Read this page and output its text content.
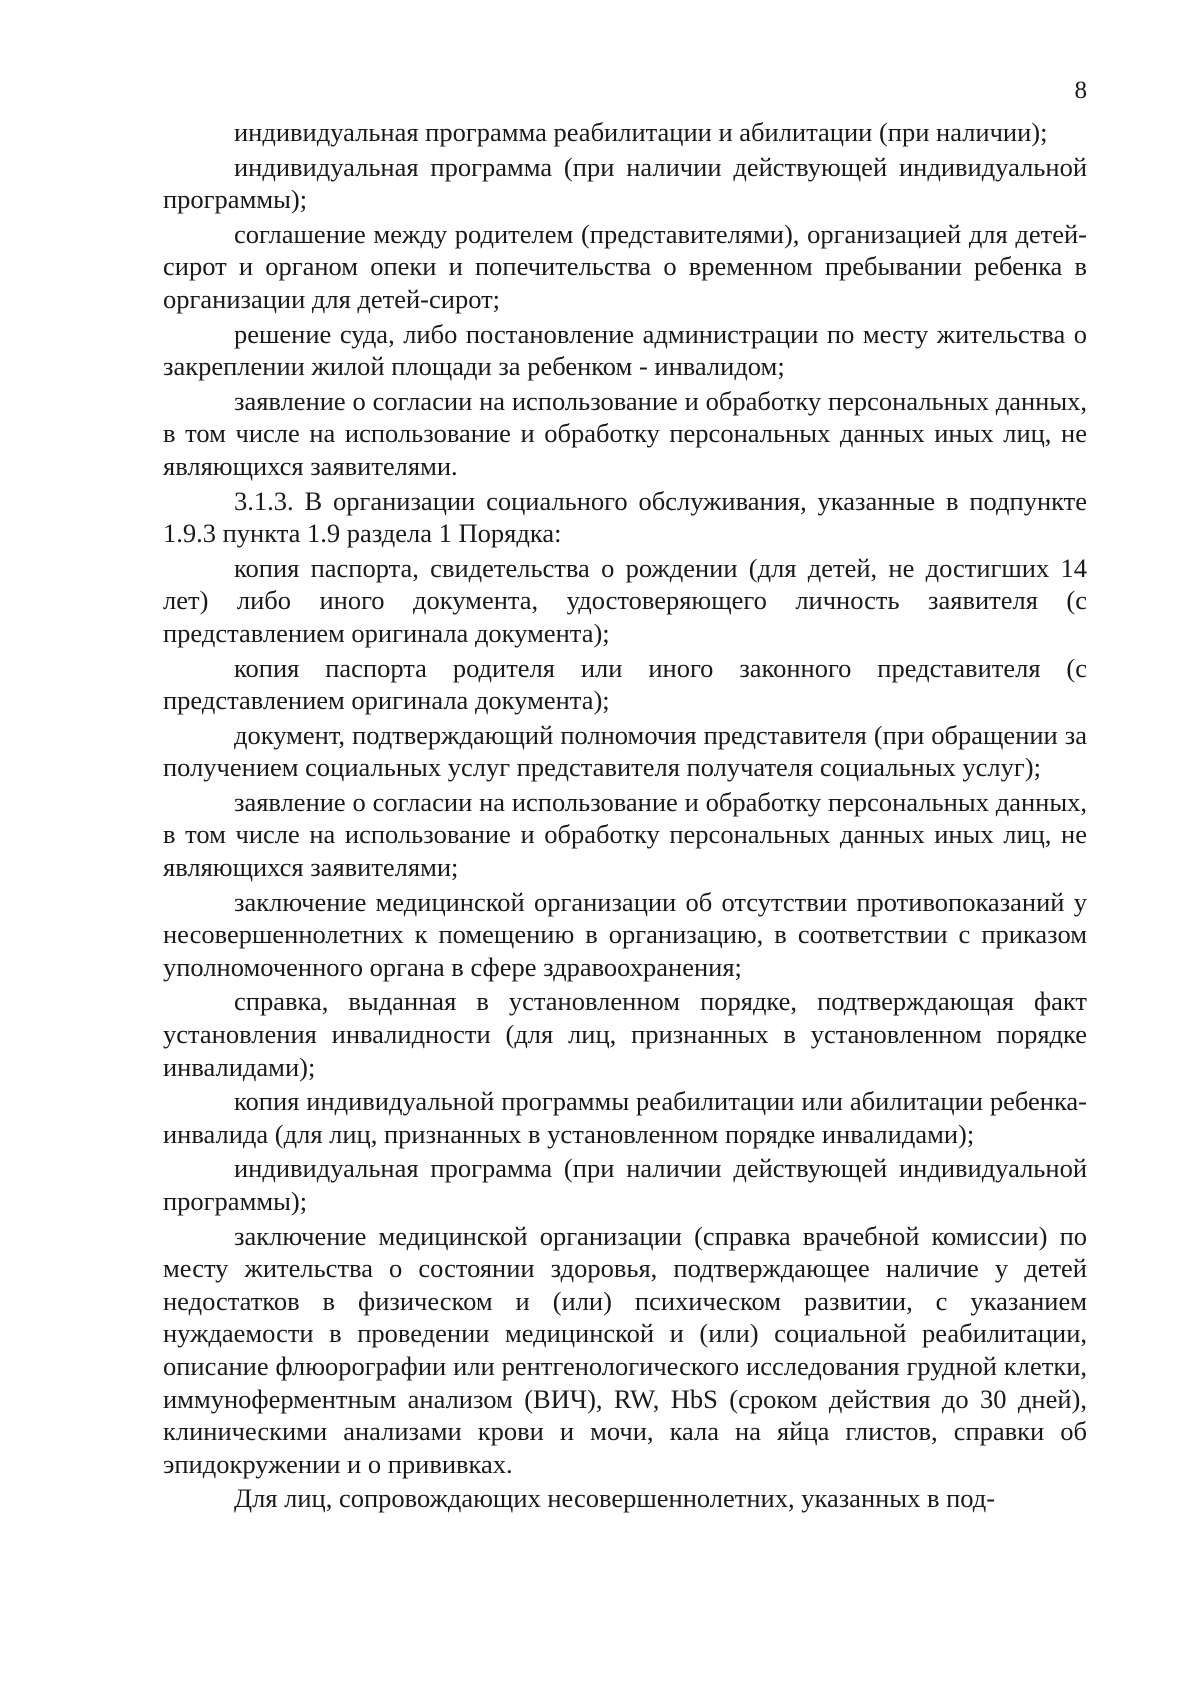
8

индивидуальная программа реабилитации и абилитации (при наличии);

индивидуальная программа (при наличии действующей индивидуальной программы);

соглашение между родителем (представителями), организацией для детей-сирот и органом опеки и попечительства о временном пребывании ребенка в организации для детей-сирот;

решение суда, либо постановление администрации по месту жительства о закреплении жилой площади за ребенком - инвалидом;

заявление о согласии на использование и обработку персональных данных, в том числе на использование и обработку персональных данных иных лиц, не являющихся заявителями.

3.1.3. В организации социального обслуживания, указанные в подпункте 1.9.3 пункта 1.9 раздела 1 Порядка:

копия паспорта, свидетельства о рождении (для детей, не достигших 14 лет) либо иного документа, удостоверяющего личность заявителя (с представлением оригинала документа);

копия паспорта родителя или иного законного представителя (с представлением оригинала документа);

документ, подтверждающий полномочия представителя (при обращении за получением социальных услуг представителя получателя социальных услуг);

заявление о согласии на использование и обработку персональных данных, в том числе на использование и обработку персональных данных иных лиц, не являющихся заявителями;

заключение медицинской организации об отсутствии противопоказаний у несовершеннолетних к помещению в организацию, в соответствии с приказом уполномоченного органа в сфере здравоохранения;

справка, выданная в установленном порядке, подтверждающая факт установления инвалидности (для лиц, признанных в установленном порядке инвалидами);

копия индивидуальной программы реабилитации или абилитации ребенка-инвалида (для лиц, признанных в установленном порядке инвалидами);

индивидуальная программа (при наличии действующей индивидуальной программы);

заключение медицинской организации (справка врачебной комиссии) по месту жительства о состоянии здоровья, подтверждающее наличие у детей недостатков в физическом и (или) психическом развитии, с указанием нуждаемости в проведении медицинской и (или) социальной реабилитации, описание флюорографии или рентгенологического исследования грудной клетки, иммуноферментным анализом (ВИЧ), RW, HbS (сроком действия до 30 дней), клиническими анализами крови и мочи, кала на яйца глистов, справки об эпидокружении и о прививках.

Для лиц, сопровождающих несовершеннолетних, указанных в под-
